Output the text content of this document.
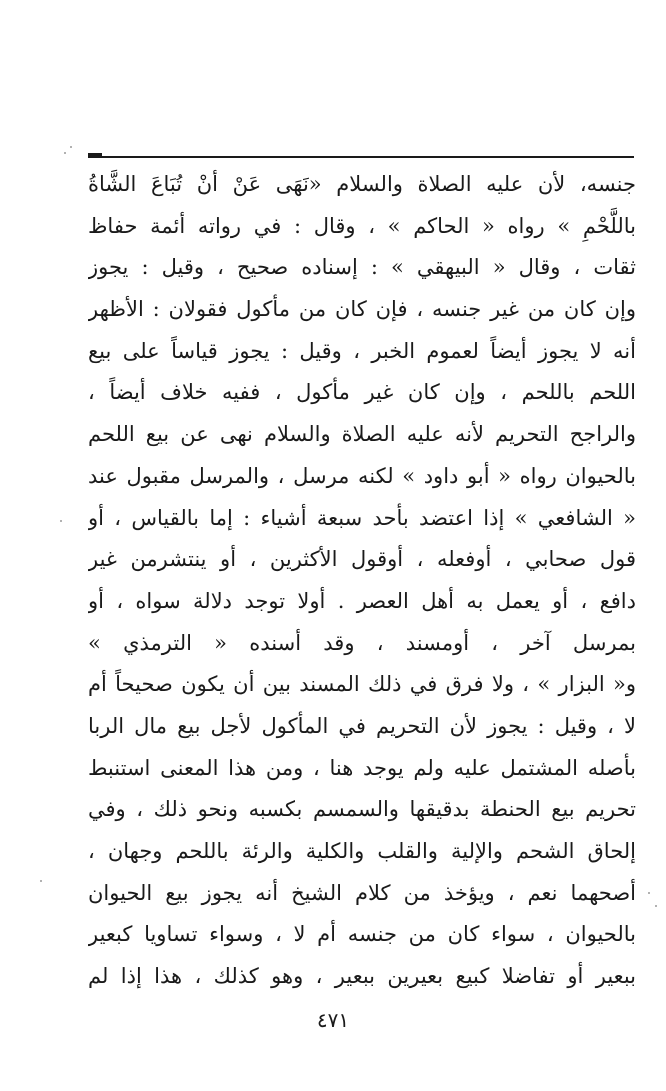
جنسه، لأن عليه الصلاة والسلام «نَهَى عَنْ أنْ تُبَاعَ الشَّاةُ
باللَّحْمِ » رواه « الحاكم » ، وقال : في رواته أئمة حفاظ
ثقات ، وقال « البيهقي » : إسناده صحيح ، وقيل : يجوز
وإن كان من غير جنسه ، فإن كان من مأكول فقولان : الأظهر
أنه لا يجوز أيضاً لعموم الخبر ، وقيل : يجوز قياساً على بيع
اللحم باللحم ، وإن كان غير مأكول ، ففيه خلاف أيضاً ،
والراجح التحريم لأنه عليه الصلاة والسلام نهى عن بيع اللحم
بالحيوان رواه « أبو داود » لكنه مرسل ، والمرسل مقبول عند
« الشافعي » إذا اعتضد بأحد سبعة أشياء : إما بالقياس ، أو
قول صحابي ، أوفعله ، أوقول الأكثرين ، أو ينتشرمن غير
دافع ، أو يعمل به أهل العصر . أولا توجد دلالة سواه ، أو
بمرسل آخر ، أومسند ، وقد أسنده « الترمذي »
و« البزار » ، ولا فرق في ذلك المسند بين أن يكون صحيحاً أم
لا ، وقيل : يجوز لأن التحريم في المأكول لأجل بيع مال الربا
بأصله المشتمل عليه ولم يوجد هنا ، ومن هذا المعنى استنبط
تحريم بيع الحنطة بدقيقها والسمسم بكسبه ونحو ذلك ، وفي
إلحاق الشحم والإلية والقلب والكلية والرئة باللحم وجهان ،
أصحهما نعم ، ويؤخذ من كلام الشيخ أنه يجوز بيع الحيوان
بالحيوان ، سواء كان من جنسه أم لا ، وسواء تساويا كبعير
ببعير أو تفاضلا كبيع بعيرين ببعير ، وهو كذلك ، هذا إذا لم
٤٧١
